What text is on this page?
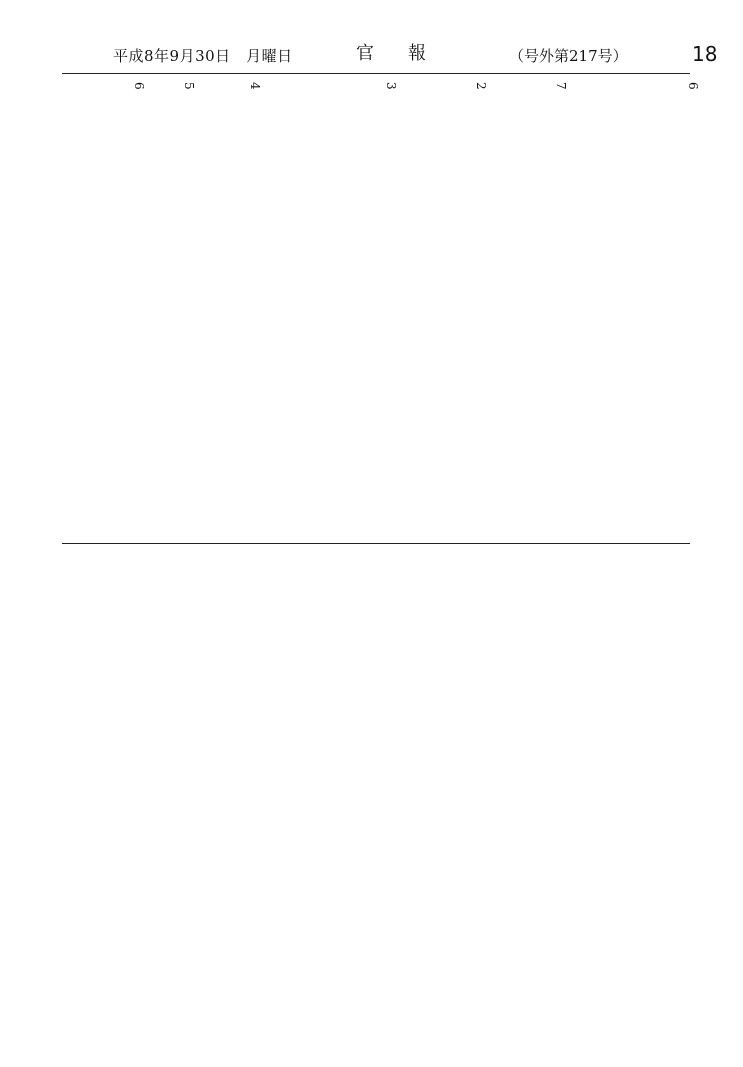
平成8年9月30日　月曜日	官　報	（号外第217号）	18
6
7
2
3
4
5
6
